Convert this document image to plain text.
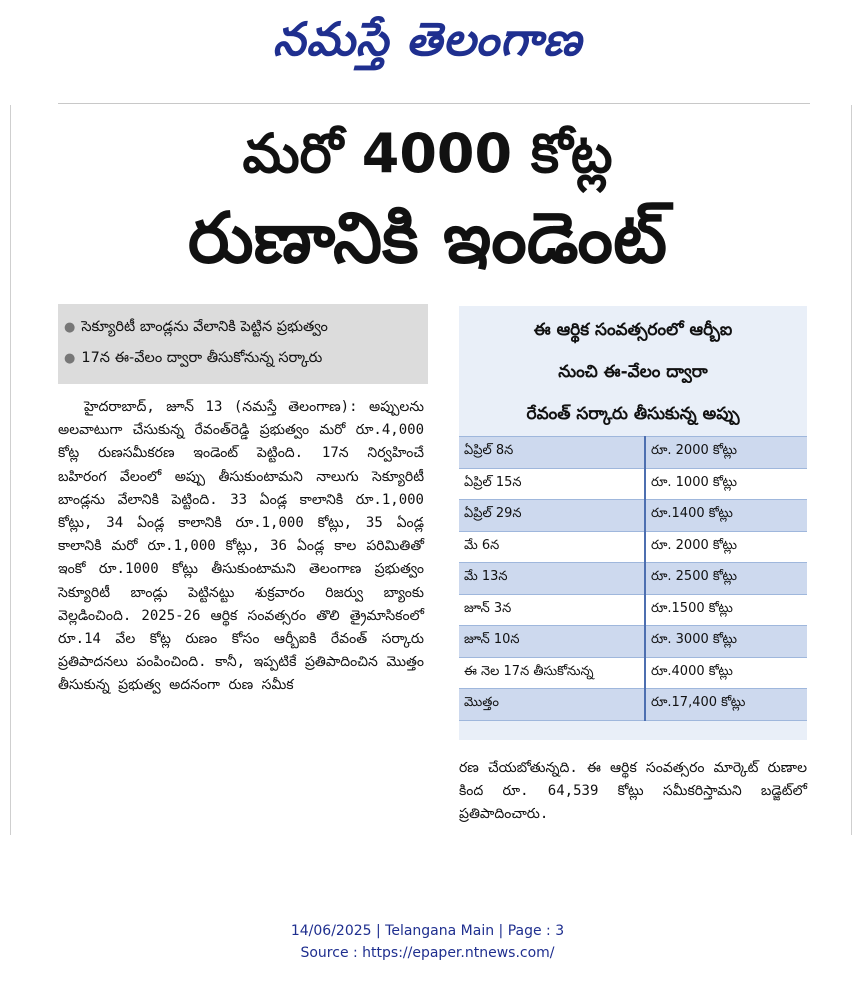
నమస్తే తెలంగాణ
మరో 4000 కోట్ల
రుణానికి ఇండెంట్
● సెక్యూరిటీ బాండ్లను వేలానికి పెట్టిన ప్రభుత్వం
● 17న ఈ-వేలం ద్వారా తీసుకోనున్న సర్కారు
హైదరాబాద్, జూన్ 13 (నమస్తే తెలంగాణ): అప్పులను అలవాటుగా చేసుకున్న రేవంత్‌రెడ్డి ప్రభుత్వం మరో రూ.4,000 కోట్ల రుణసమీకరణ ఇండెంట్ పెట్టింది. 17న నిర్వహించే బహిరంగ వేలంలో అప్పు తీసుకుంటామని నాలుగు సెక్యూరిటీ బాండ్లను వేలానికి పెట్టింది. 33 ఏండ్ల కాలానికి రూ.1,000 కోట్లు, 34 ఏండ్ల కాలానికి రూ.1,000 కోట్లు, 35 ఏండ్ల కాలానికి మరో రూ.1,000 కోట్లు, 36 ఏండ్ల కాల పరిమితితో ఇంకో రూ.1000 కోట్లు తీసుకుంటామని తెలంగాణ ప్రభుత్వం సెక్యూరిటీ బాండ్లు పెట్టినట్టు శుక్రవారం రిజర్వు బ్యాంకు వెల్లడించింది. 2025-26 ఆర్థిక సంవత్సరం తొలి త్రైమాసికంలో రూ.14 వేల కోట్ల రుణం కోసం ఆర్బీఐకి రేవంత్ సర్కారు ప్రతిపాదనలు పంపించింది. కానీ, ఇప్పటికే ప్రతిపాదించిన మొత్తం తీసుకున్న ప్రభుత్వ అదనంగా రుణ సమీక
ఈ ఆర్థిక సంవత్సరంలో ఆర్బీఐ
నుంచి ఈ-వేలం ద్వారా
రేవంత్ సర్కారు తీసుకున్న అప్పు
ఏప్రిల్ 8న	రూ. 2000 కోట్లు
ఏప్రిల్ 15న	రూ. 1000 కోట్లు
ఏప్రిల్ 29న	రూ.1400 కోట్లు
మే 6న	రూ. 2000 కోట్లు
మే 13న	రూ. 2500 కోట్లు
జూన్ 3న	రూ.1500 కోట్లు
జూన్ 10న	రూ. 3000 కోట్లు
ఈ నెల 17న తీసుకోనున్న	రూ.4000 కోట్లు
మొత్తం	రూ.17,400 కోట్లు
రణ చేయబోతున్నది. ఈ ఆర్థిక సంవత్సరం మార్కెట్ రుణాల కింద రూ. 64,539 కోట్లు సమీకరిస్తామని బడ్జెట్‌లో ప్రతిపాదించారు.
14/06/2025 | Telangana Main | Page : 3
Source : https://epaper.ntnews.com/
